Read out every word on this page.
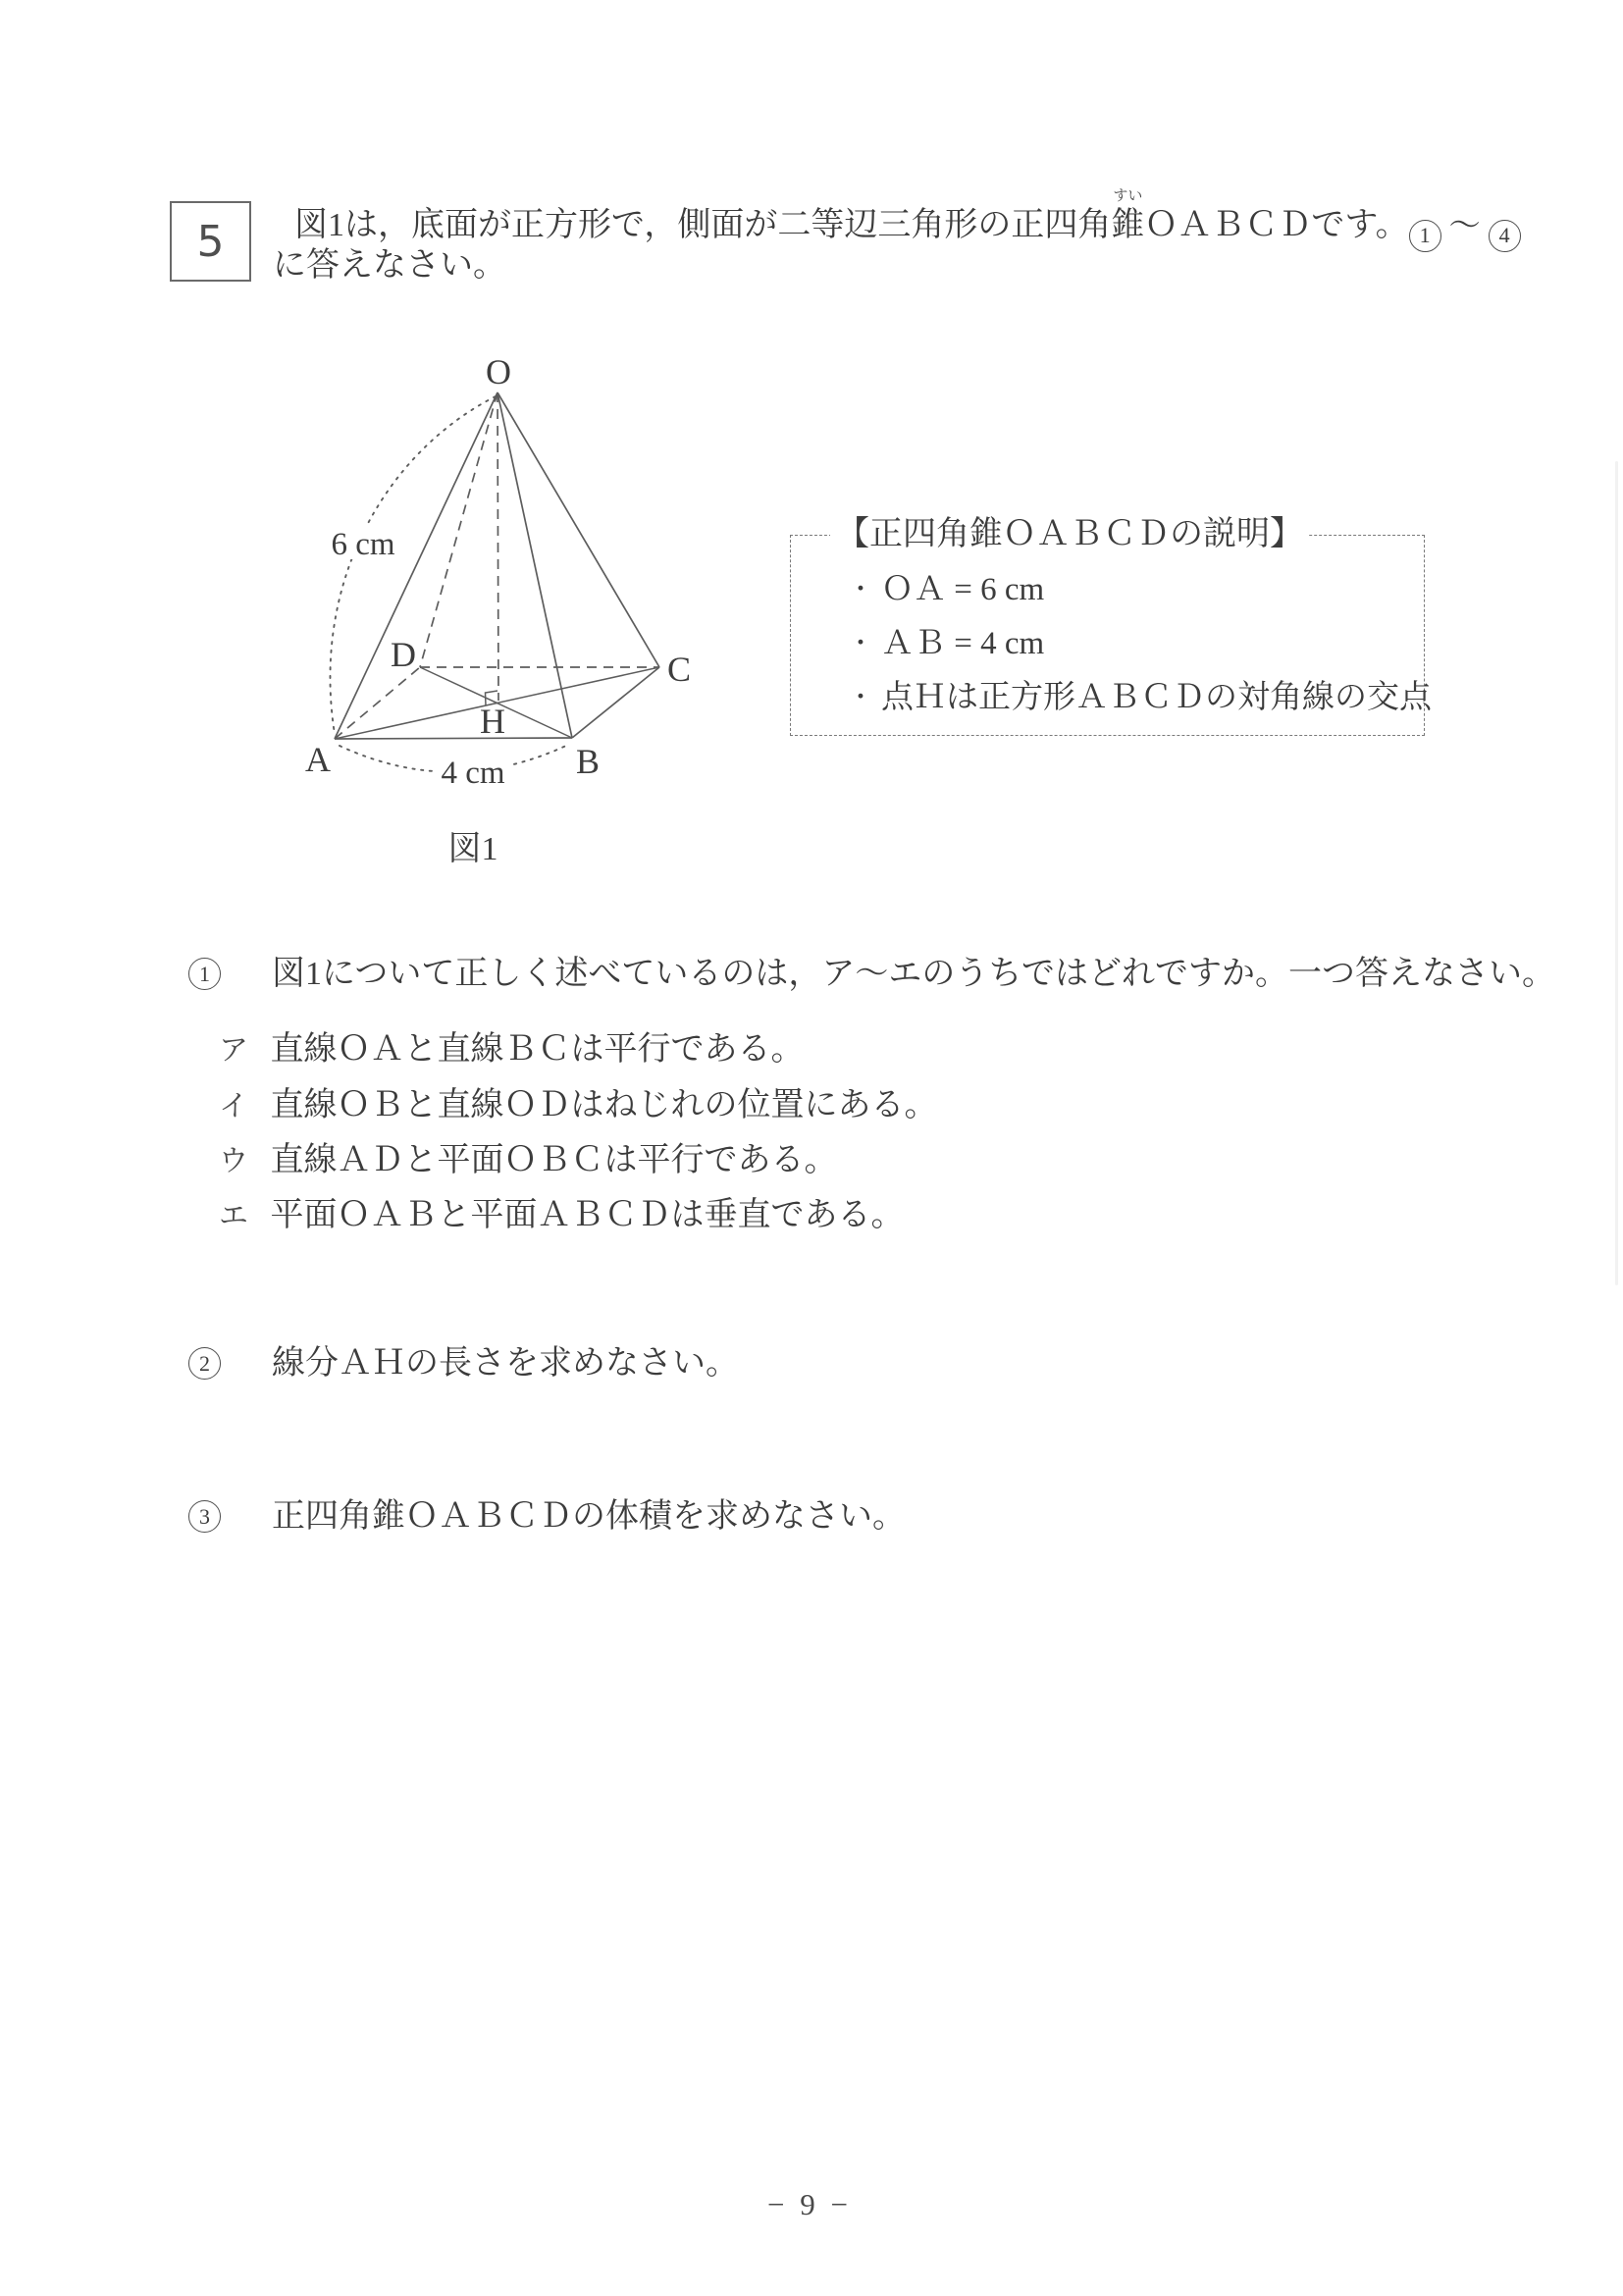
5 図1は，底面が正方形で，側面が二等辺三角形の正四角錐
すい
ＯＡＢＣＤです。 1 ～ 4
に答えなさい。
O
A	B
C
D
H
6 cm
4 cm
図1
【正四角錐ＯＡＢＣＤの説明】
・ ＯＡ = 6 cm
・ ＡＢ = 4 cm
・ 点Ｈは正方形ＡＢＣＤの対角線の交点
1	図1について正しく述べているのは，ア～エのうちではどれですか。一つ答えなさい。
ア 直線ＯＡと直線ＢＣは平行である。
イ 直線ＯＢと直線ＯＤはねじれの位置にある。
ウ 直線ＡＤと平面ＯＢＣは平行である。
エ 平面ＯＡＢと平面ＡＢＣＤは垂直である。
2	線分ＡＨの長さを求めなさい。
3	正四角錐ＯＡＢＣＤの体積を求めなさい。
− 9 −
